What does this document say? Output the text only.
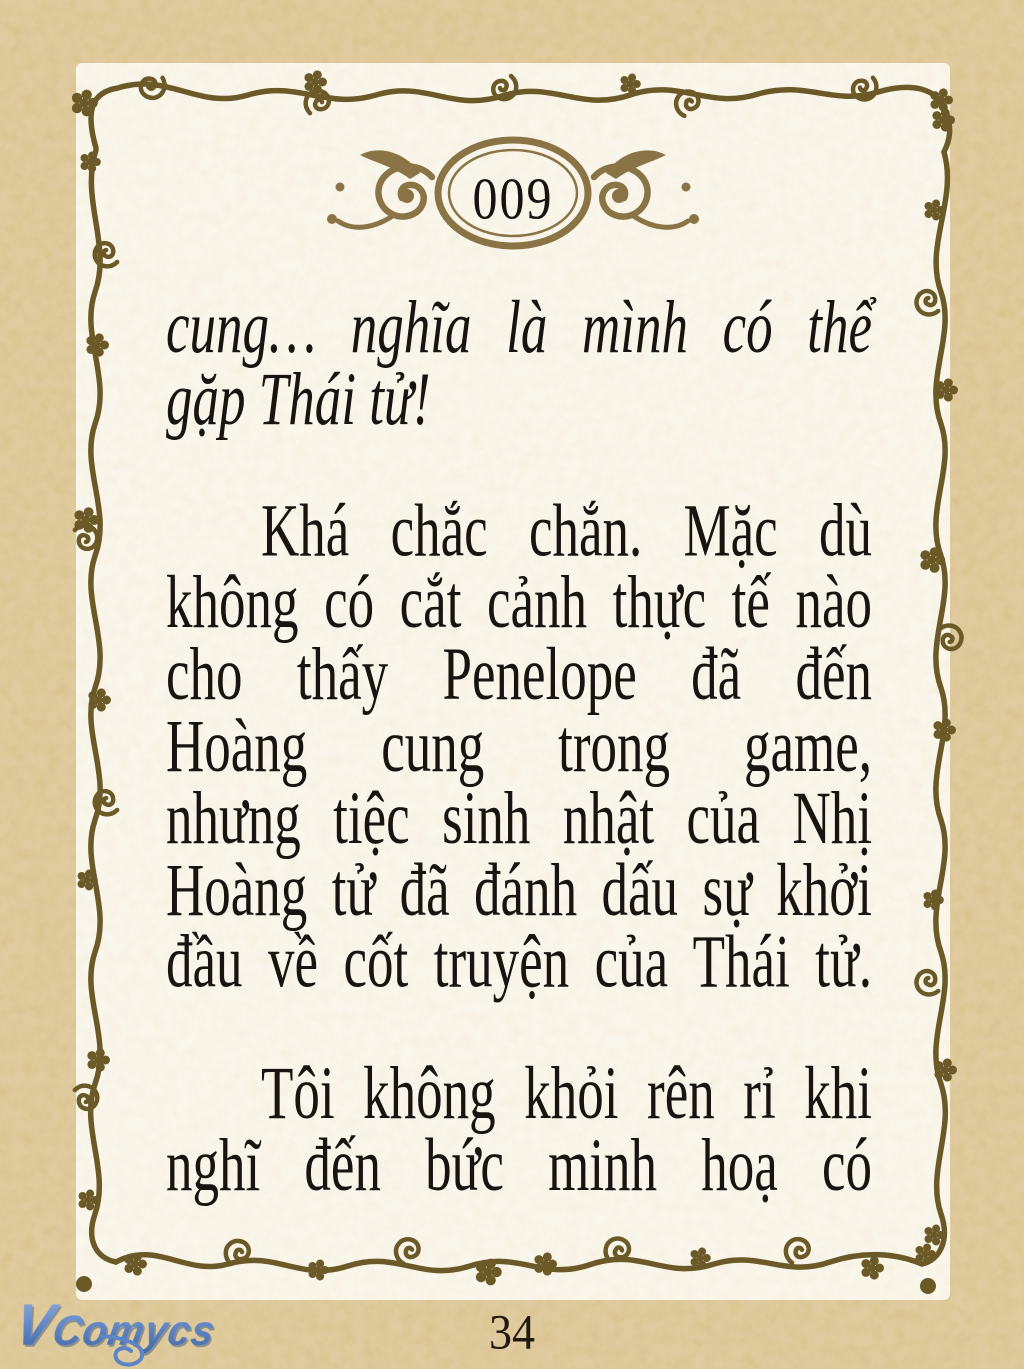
009

cung… nghĩa là mình có thể
gặp Thái tử!

Khá chắc chắn. Mặc dù
không có cắt cảnh thực tế nào
cho thấy Penelope đã đến
Hoàng cung trong game,
nhưng tiệc sinh nhật của Nhị
Hoàng tử đã đánh dấu sự khởi
đầu về cốt truyện của Thái tử.

Tôi không khỏi rên rỉ khi
nghĩ đến bức minh hoạ có

VComycs	34
